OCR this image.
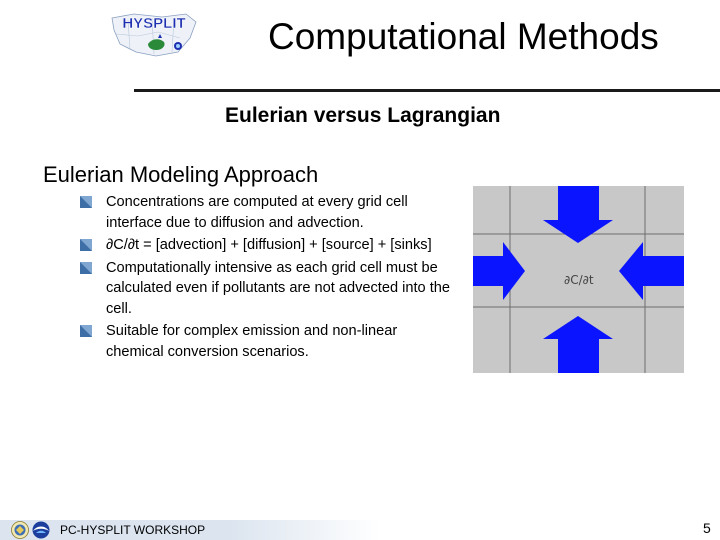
HYSPLIT Computational Methods
Eulerian versus Lagrangian
Eulerian Modeling Approach
Concentrations are computed at every grid cell interface due to diffusion and advection.
∂C/∂t = [advection] + [diffusion] + [source] + [sinks]
Computationally intensive as each grid cell must be calculated even if pollutants are not advected into the cell.
Suitable for complex emission and non-linear chemical conversion scenarios.
∂C/∂t
PC-HYSPLIT WORKSHOP	5
